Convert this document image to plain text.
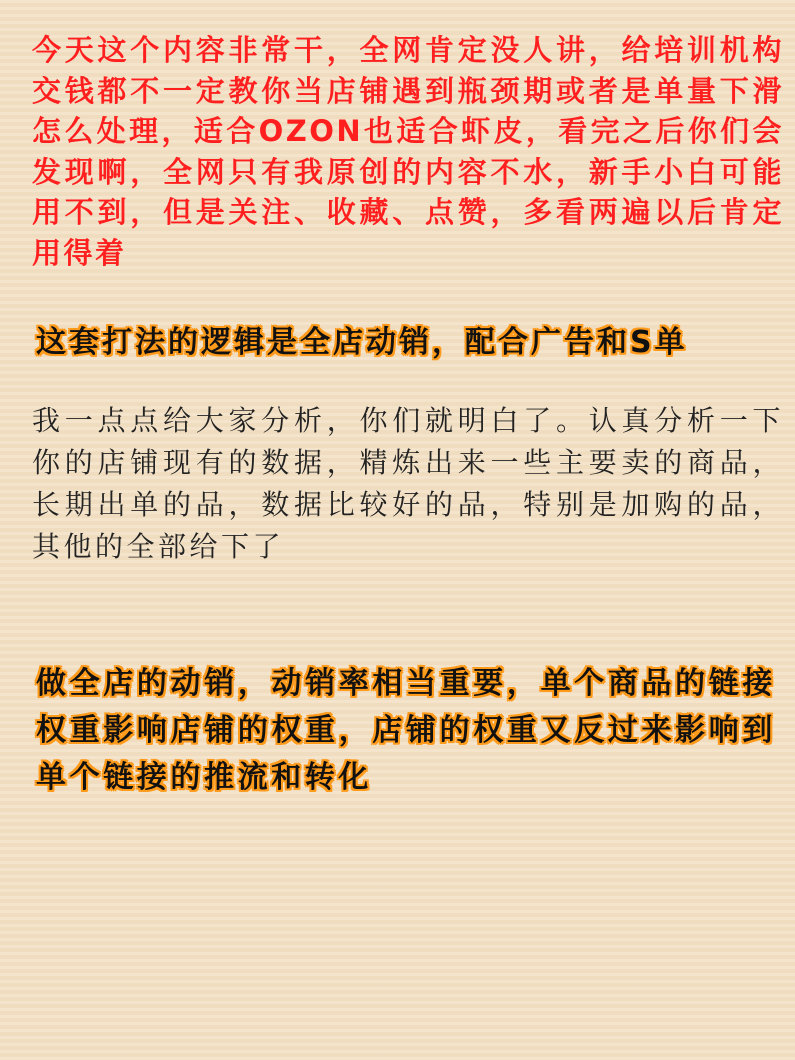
今天这个内容非常干，全网肯定没人讲，给培训机构交钱都不一定教你当店铺遇到瓶颈期或者是单量下滑怎么处理，适合OZON也适合虾皮，看完之后你们会发现啊，全网只有我原创的内容不水，新手小白可能用不到，但是关注、收藏、点赞，多看两遍以后肯定用得着
这套打法的逻辑是全店动销，配合广告和S单
我一点点给大家分析，你们就明白了。认真分析一下你的店铺现有的数据，精炼出来一些主要卖的商品，长期出单的品，数据比较好的品，特别是加购的品，其他的全部给下了
做全店的动销，动销率相当重要，单个商品的链接权重影响店铺的权重，店铺的权重又反过来影响到单个链接的推流和转化
